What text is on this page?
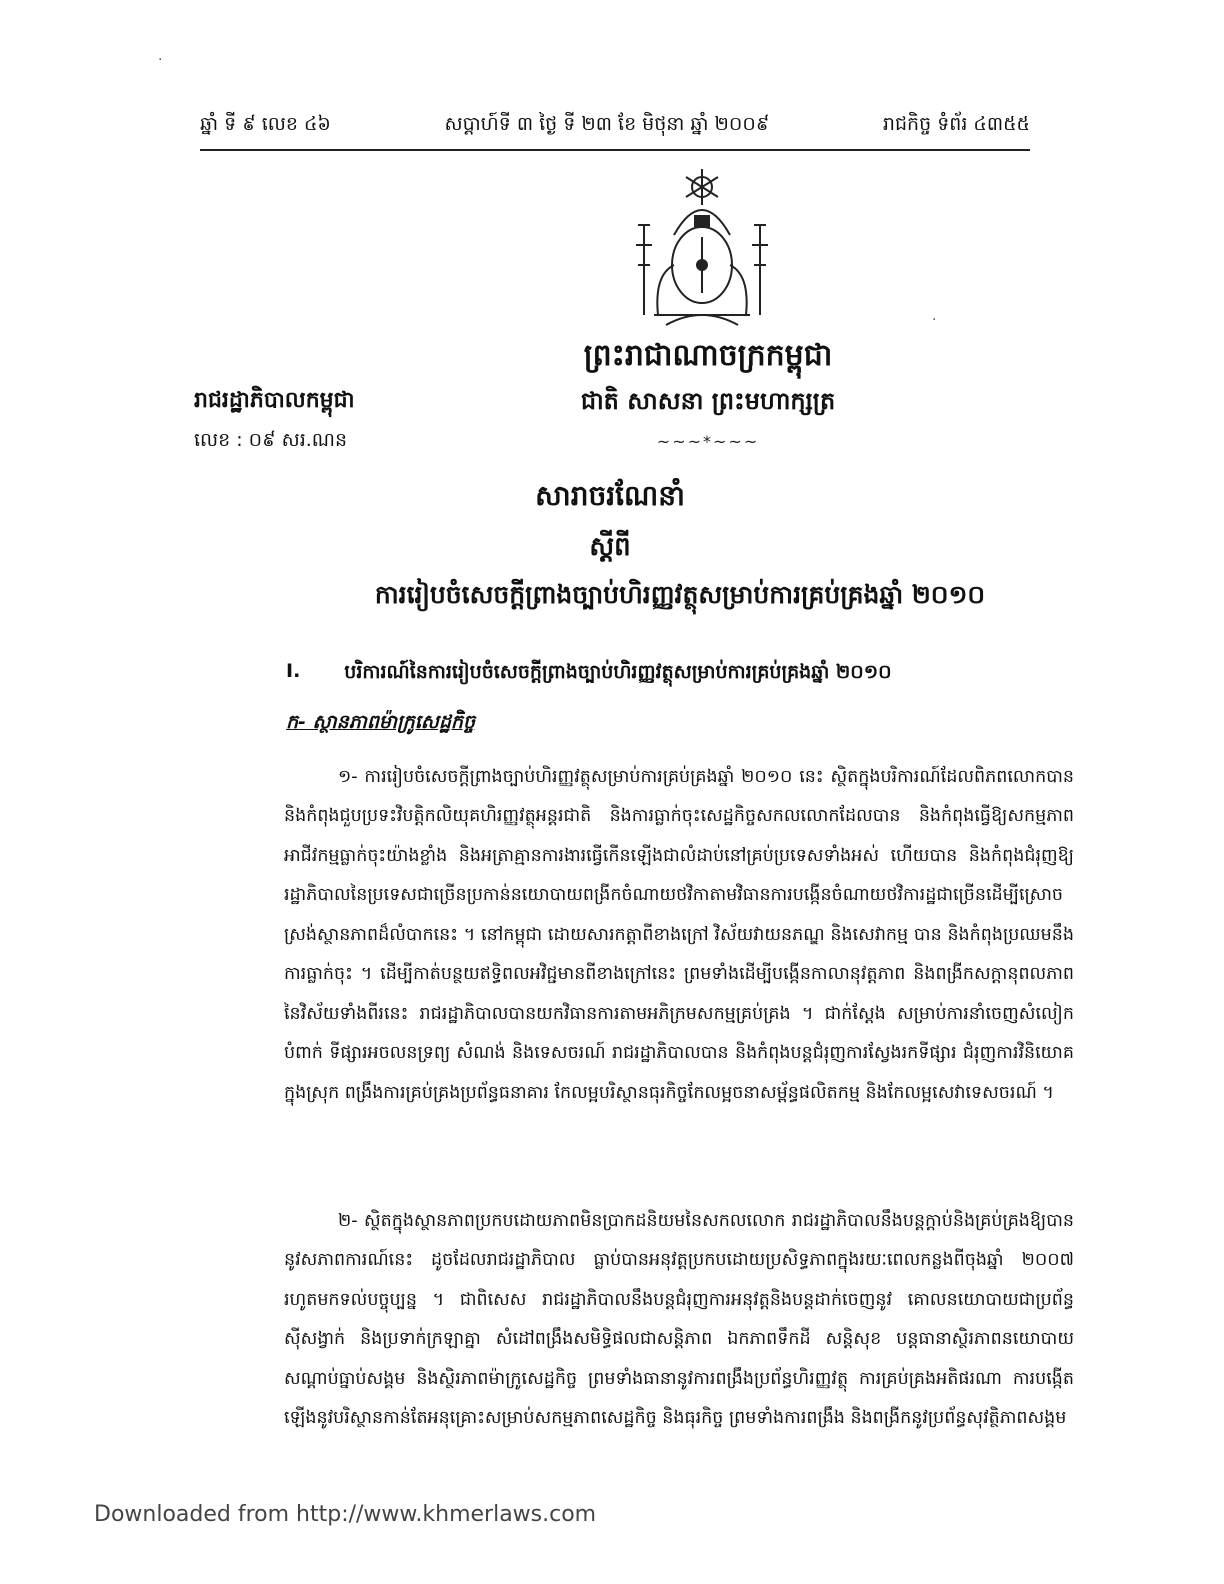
ឆ្នាំ ទី ៩ លេខ ៤៦	សប្តាហ៍ទី ៣ ថ្ងៃ ទី ២៣ ខែ មិថុនា ឆ្នាំ ២០០៩	រាជកិច្ច ទំព័រ ៤៣៥៥
ព្រះរាជាណាចក្រកម្ពុជា
ជាតិ សាសនា ព្រះមហាក្សត្រ
~~~*~~~
រាជរដ្ឋាភិបាលកម្ពុជា
លេខ : ០៩ សរ.ណន
សារាចរណែនាំ
ស្តីពី
ការរៀបចំសេចក្តីព្រាងច្បាប់ហិរញ្ញវត្ថុសម្រាប់ការគ្រប់គ្រងឆ្នាំ ២០១០
I. បរិការណ៍នៃការរៀបចំសេចក្តីព្រាងច្បាប់ហិរញ្ញវត្ថុសម្រាប់ការគ្រប់គ្រងឆ្នាំ ២០១០
ក- ស្ថានភាពម៉ាក្រូសេដ្ឋកិច្ច

១- ការរៀបចំសេចក្តីព្រាងច្បាប់ហិរញ្ញវត្ថុសម្រាប់ការគ្រប់គ្រងឆ្នាំ ២០១០ នេះ ស្ថិតក្នុងបរិការណ៍ដែលពិភពលោកបាន និងកំពុងជួបប្រទះវិបត្តិកលិយុគហិរញ្ញវត្ថុអន្តរជាតិ និងការធ្លាក់ចុះសេដ្ឋកិច្ចសកលលោកដែលបាន និងកំពុងធ្វើឱ្យសកម្មភាពអាជីវកម្មធ្លាក់ចុះយ៉ាងខ្លាំង និងអត្រាគ្មានការងារធ្វើកើនឡើងជាលំដាប់នៅគ្រប់ប្រទេសទាំងអស់ ហើយបាន និងកំពុងជំរុញឱ្យរដ្ឋាភិបាលនៃប្រទេសជាច្រើនប្រកាន់នយោបាយពង្រីកចំណាយថវិកាតាមវិធានការបង្កើនចំណាយថវិការដ្ឋជាច្រើនដើម្បីស្រោចស្រង់ស្ថានភាពដ៏លំបាកនេះ ។ នៅកម្ពុជា ដោយសារកត្តាពីខាងក្រៅ វិស័យវាយនភណ្ឌ និងសេវាកម្ម បាន និងកំពុងប្រឈមនឹងការធ្លាក់ចុះ ។ ដើម្បីកាត់បន្ថយឥទ្ធិពលអវិជ្ជមានពីខាងក្រៅនេះ ព្រមទាំងដើម្បីបង្កើនកាលានុវត្តភាព និងពង្រីកសក្តានុពលភាពនៃវិស័យទាំងពីរនេះ រាជរដ្ឋាភិបាលបានយកវិធានការតាមអភិក្រមសកម្មគ្រប់គ្រង ។ ជាក់ស្តែង សម្រាប់ការនាំចេញសំលៀកបំពាក់ ទីផ្សារអចលនទ្រព្យ សំណង់ និងទេសចរណ៍ រាជរដ្ឋាភិបាលបាន និងកំពុងបន្តជំរុញការស្វែងរកទីផ្សារ ជំរុញការវិនិយោគក្នុងស្រុក ពង្រឹងការគ្រប់គ្រងប្រព័ន្ធធនាគារ កែលម្អបរិស្ថានធុរកិច្ចកែលម្អចនាសម្ព័ន្ធផលិតកម្ម និងកែលម្អសេវាទេសចរណ៍ ។

២- ស្ថិតក្នុងស្ថានភាពប្រកបដោយភាពមិនប្រាកដនិយមនៃសកលលោក រាជរដ្ឋាភិបាលនឹងបន្តក្តាប់និងគ្រប់គ្រងឱ្យបាននូវសភាពការណ៍នេះ ដូចដែលរាជរដ្ឋាភិបាល ធ្លាប់បានអនុវត្តប្រកបដោយប្រសិទ្ធភាពក្នុងរយៈពេលកន្លងពីចុងឆ្នាំ ២០០៧ រហូតមកទល់បច្ចុប្បន្ន ។ ជាពិសេស រាជរដ្ឋាភិបាលនឹងបន្តជំរុញការអនុវត្តនិងបន្តដាក់ចេញនូវ គោលនយោបាយជាប្រព័ន្ធ ស៊ីសង្វាក់ និងប្រទាក់ក្រឡាគ្នា សំដៅពង្រឹងសមិទ្ធិផលជាសន្តិភាព ឯកភាពទឹកដី សន្តិសុខ បន្តធានាស្ថិរភាពនយោបាយ សណ្តាប់ធ្នាប់សង្គម និងស្ថិរភាពម៉ាក្រូសេដ្ឋកិច្ច ព្រមទាំងធានានូវការពង្រឹងប្រព័ន្ធហិរញ្ញវត្ថុ ការគ្រប់គ្រងអតិផរណា ការបង្កើតឡើងនូវបរិស្ថានកាន់តែអនុគ្រោះសម្រាប់សកម្មភាពសេដ្ឋកិច្ច និងធុរកិច្ច ព្រមទាំងការពង្រឹង និងពង្រីកនូវប្រព័ន្ធសុវត្ថិភាពសង្គម

Downloaded from http://www.khmerlaws.com
·
·
